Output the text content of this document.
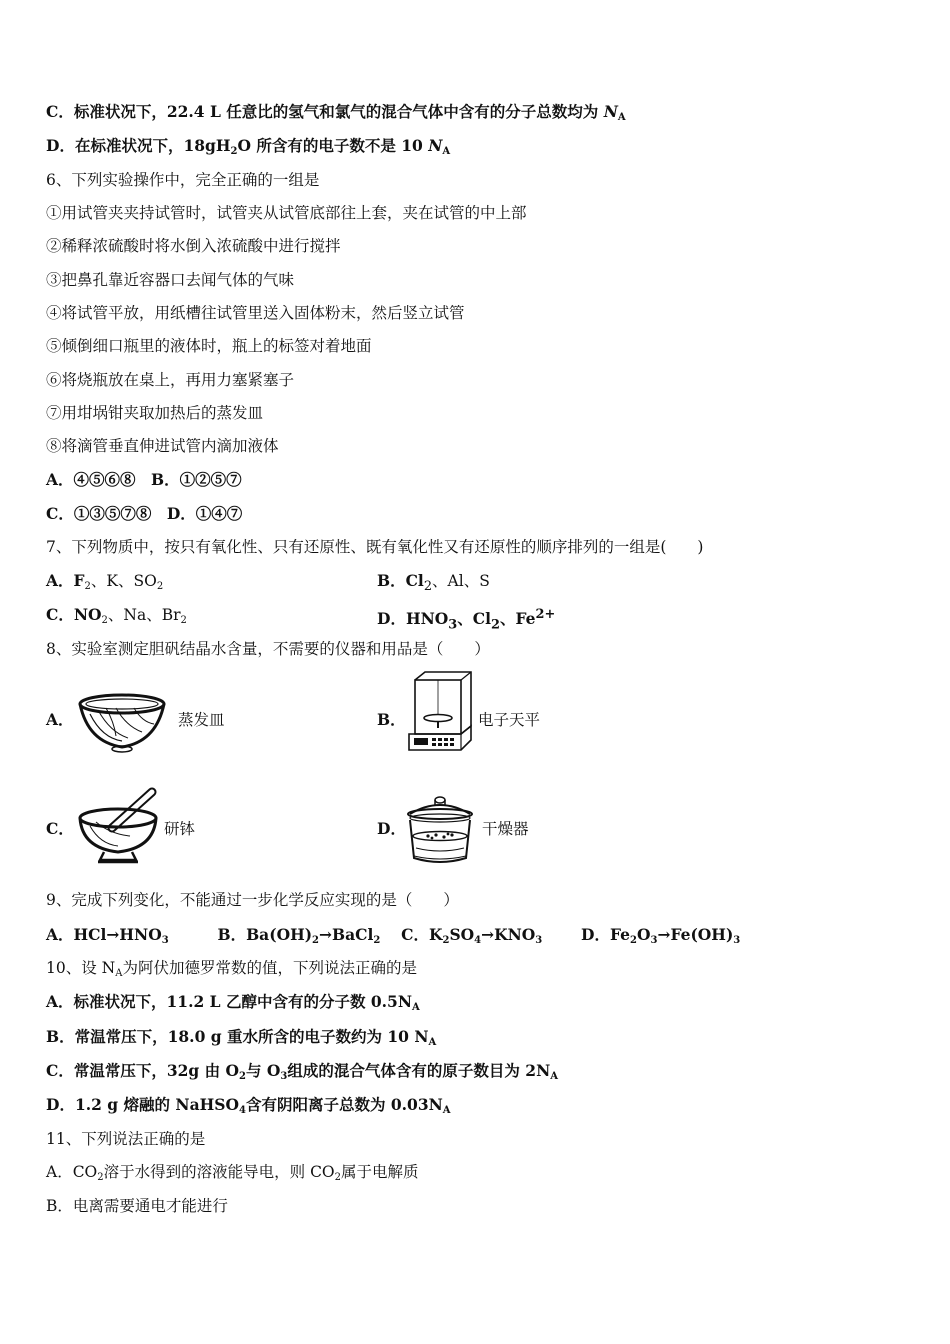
C．标准状况下，22.4 L 任意比的氢气和氯气的混合气体中含有的分子总数均为 $N_A$
D．在标准状况下，$18gH_2O$ 所含有的电子数不是 10 $N_A$
6、下列实验操作中，完全正确的一组是
①用试管夹夹持试管时，试管夹从试管底部往上套，夹在试管的中上部
②稀释浓硫酸时将水倒入浓硫酸中进行搅拌
③把鼻孔靠近容器口去闻气体的气味
④将试管平放，用纸槽往试管里送入固体粉末，然后竖立试管
⑤倾倒细口瓶里的液体时，瓶上的标签对着地面
⑥将烧瓶放在桌上，再用力塞紧塞子
⑦用坩埚钳夹取加热后的蒸发皿
⑧将滴管垂直伸进试管内滴加液体
A．④⑤⑥⑧　B．①②⑤⑦
C．①③⑤⑦⑧　D．①④⑦
7、下列物质中，按只有氧化性、只有还原性、既有氧化性又有还原性的顺序排列的一组是(　　)
A．$F_2$、K、$SO_2$	B．$Cl_2$、Al、S
C．$NO_2$、Na、$Br_2$	D．$HNO_3$、$Cl_2$、$Fe^{2+}$
8、实验室测定胆矾结晶水含量，不需要的仪器和用品是（　　）
A．	蒸发皿	B．	电子天平
C．	研钵	D．	干燥器
9、完成下列变化，不能通过一步化学反应实现的是（　　）
A．$HCl\to HNO_3$	B．$Ba(OH)_2\to BaCl_2$ C．$K_2SO_4\to KNO_3$	D．$Fe_2O_3\to Fe(OH)_3$
10、设 $N_A$为阿伏加德罗常数的值，下列说法正确的是
A．标准状况下，11.2 L 乙醇中含有的分子数 $0.5N_A$
B．常温常压下，18.0 g 重水所含的电子数约为 10 $N_A$
C．常温常压下，32g 由 $O_2$与 $O_3$组成的混合气体含有的原子数目为 $2N_A$
D．1.2 g 熔融的 NaHSO$_4$含有阴阳离子总数为 $0.03N_A$
11、下列说法正确的是
A．$CO_2$溶于水得到的溶液能导电，则 $CO_2$属于电解质
B．电离需要通电才能进行
